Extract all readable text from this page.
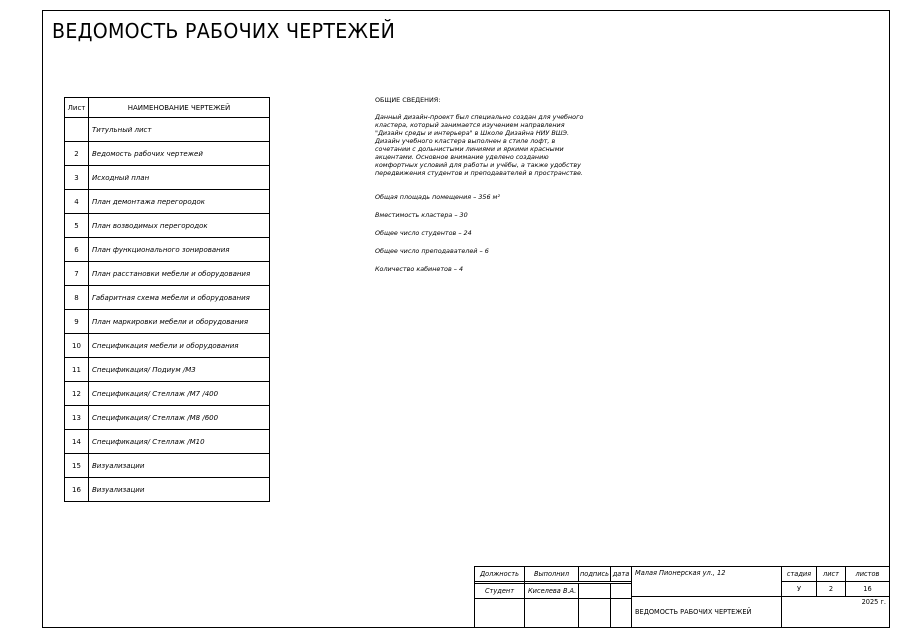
ВЕДОМОСТЬ РАБОЧИХ ЧЕРТЕЖЕЙ
Лист	НАИМЕНОВАНИЕ ЧЕРТЕЖЕЙ
	Титульный лист
2	Ведомость рабочих чертежей
3	Исходный план
4	План демонтажа перегородок
5	План возводимых перегородок
6	План функционального зонирования
7	План расстановки мебели и оборудования
8	Габаритная схема мебели и оборудования
9	План маркировки мебели и оборудования
10	Спецификация мебели и оборудования
11	Спецификация/ Подиум /М3
12	Спецификация/ Стеллаж /М7 /400
13	Спецификация/ Стеллаж /М8 /600
14	Спецификация/ Стеллаж /М10
15	Визуализации
16	Визуализации
ОБЩИЕ СВЕДЕНИЯ:
Данный дизайн-проект был специально создан для учебного кластера, который занимается изучением направления "Дизайн среды и интерьера" в Школе Дизайна НИУ ВШЭ. Дизайн учебного кластера выполнен в стиле лофт, в сочетании с дольнистыми линиями и яркими красными акцентами. Основное внимание уделено созданию комфортных условий для работы и учёбы, а также удобству передвижения студентов и преподавателей в пространстве.
Общая площадь помещения – 356 м²
Вместимость кластера – 30
Общее число студентов – 24
Общее число преподавателей – 6
Количество кабинетов – 4
Должность	Выполнил	подпись дата
Студент	Киселева В.А.
Малая Пионерская ул., 12	стадия	лист	листов
У	2	16
ВЕДОМОСТЬ РАБОЧИХ ЧЕРТЕЖЕЙ
2025 г.
